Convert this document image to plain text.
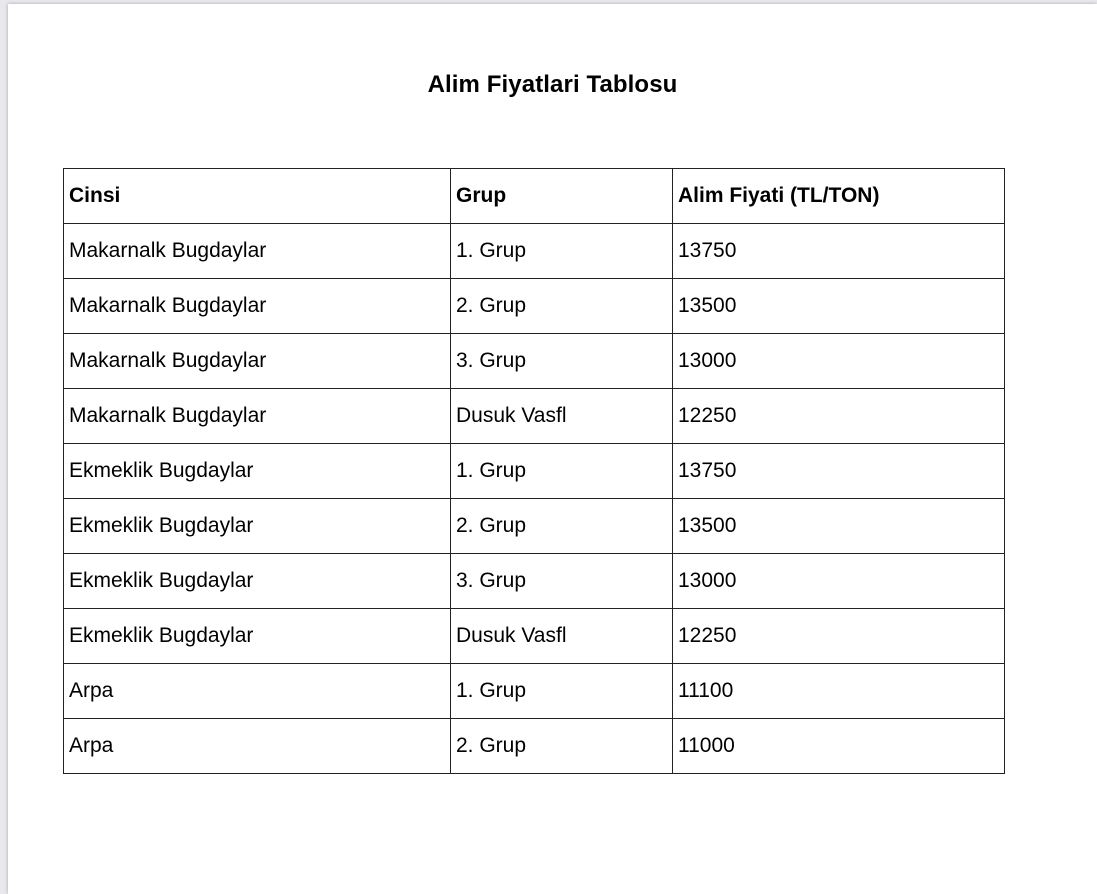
Alim Fiyatlari Tablosu
Cinsi	Grup	Alim Fiyati (TL/TON)
Makarnalk Bugdaylar	1. Grup	13750
Makarnalk Bugdaylar	2. Grup	13500
Makarnalk Bugdaylar	3. Grup	13000
Makarnalk Bugdaylar	Dusuk Vasfl	12250
Ekmeklik Bugdaylar	1. Grup	13750
Ekmeklik Bugdaylar	2. Grup	13500
Ekmeklik Bugdaylar	3. Grup	13000
Ekmeklik Bugdaylar	Dusuk Vasfl	12250
Arpa	1. Grup	11100
Arpa	2. Grup	11000
